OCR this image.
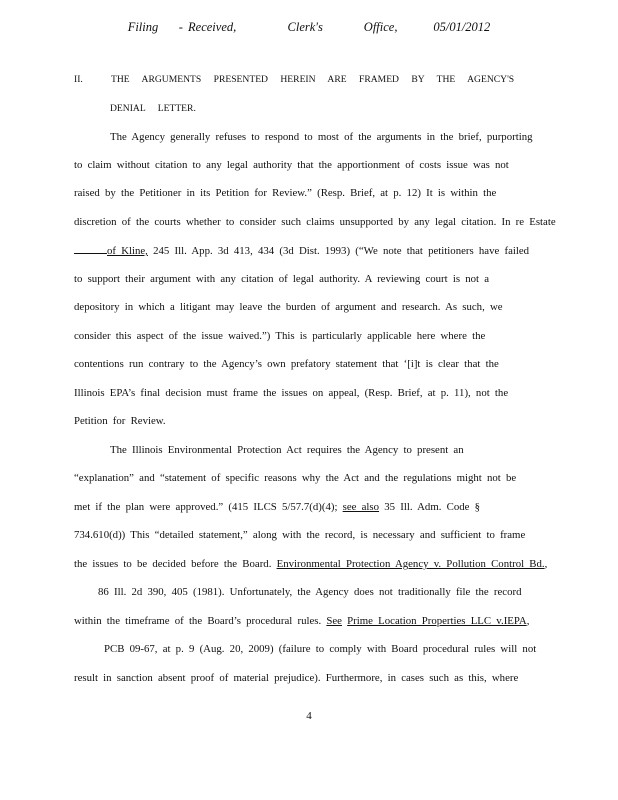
Filing    - Received,          Clerk's        Office,       05/01/2012

II.	THE ARGUMENTS PRESENTED HEREIN ARE FRAMED BY THE AGENCY'S

DENIAL LETTER.

The Agency generally refuses to respond to most of the arguments in the brief, purporting

to claim without citation to any legal authority that the apportionment of costs issue was not

raised by the Petitioner in its Petition for Review.” (Resp. Brief, at p. 12) It is within the

discretion of the courts whether to consider such claims unsupported by any legal citation. In re Estate

of Kline, 245 Ill. App. 3d 413, 434 (3d Dist. 1993) (“We note that petitioners have failed

to support their argument with any citation of legal authority. A reviewing court is not a

depository in which a litigant may leave the burden of argument and research. As such, we

consider this aspect of the issue waived.”) This is particularly applicable here where the

contentions run contrary to the Agency’s own prefatory statement that ‘[i]t is clear that the

Illinois EPA’s final decision must frame the issues on appeal, (Resp. Brief, at p. 11), not the

Petition for Review.

The Illinois Environmental Protection Act requires the Agency to present an

“explanation” and “statement of specific reasons why the Act and the regulations might not be

met if the plan were approved.” (415 ILCS 5/57.7(d)(4); see also 35 Ill. Adm. Code §

734.610(d)) This “detailed statement,” along with the record, is necessary and sufficient to frame

the issues to be decided before the Board. Environmental Protection Agency v. Pollution Control Bd.,

86 Ill. 2d 390, 405 (1981). Unfortunately, the Agency does not traditionally file the record

within the timeframe of the Board’s procedural rules. See Prime Location Properties LLC v.IEPA,

PCB 09-67, at p. 9 (Aug. 20, 2009) (failure to comply with Board procedural rules will not

result in sanction absent proof of material prejudice). Furthermore, in cases such as this, where

4
